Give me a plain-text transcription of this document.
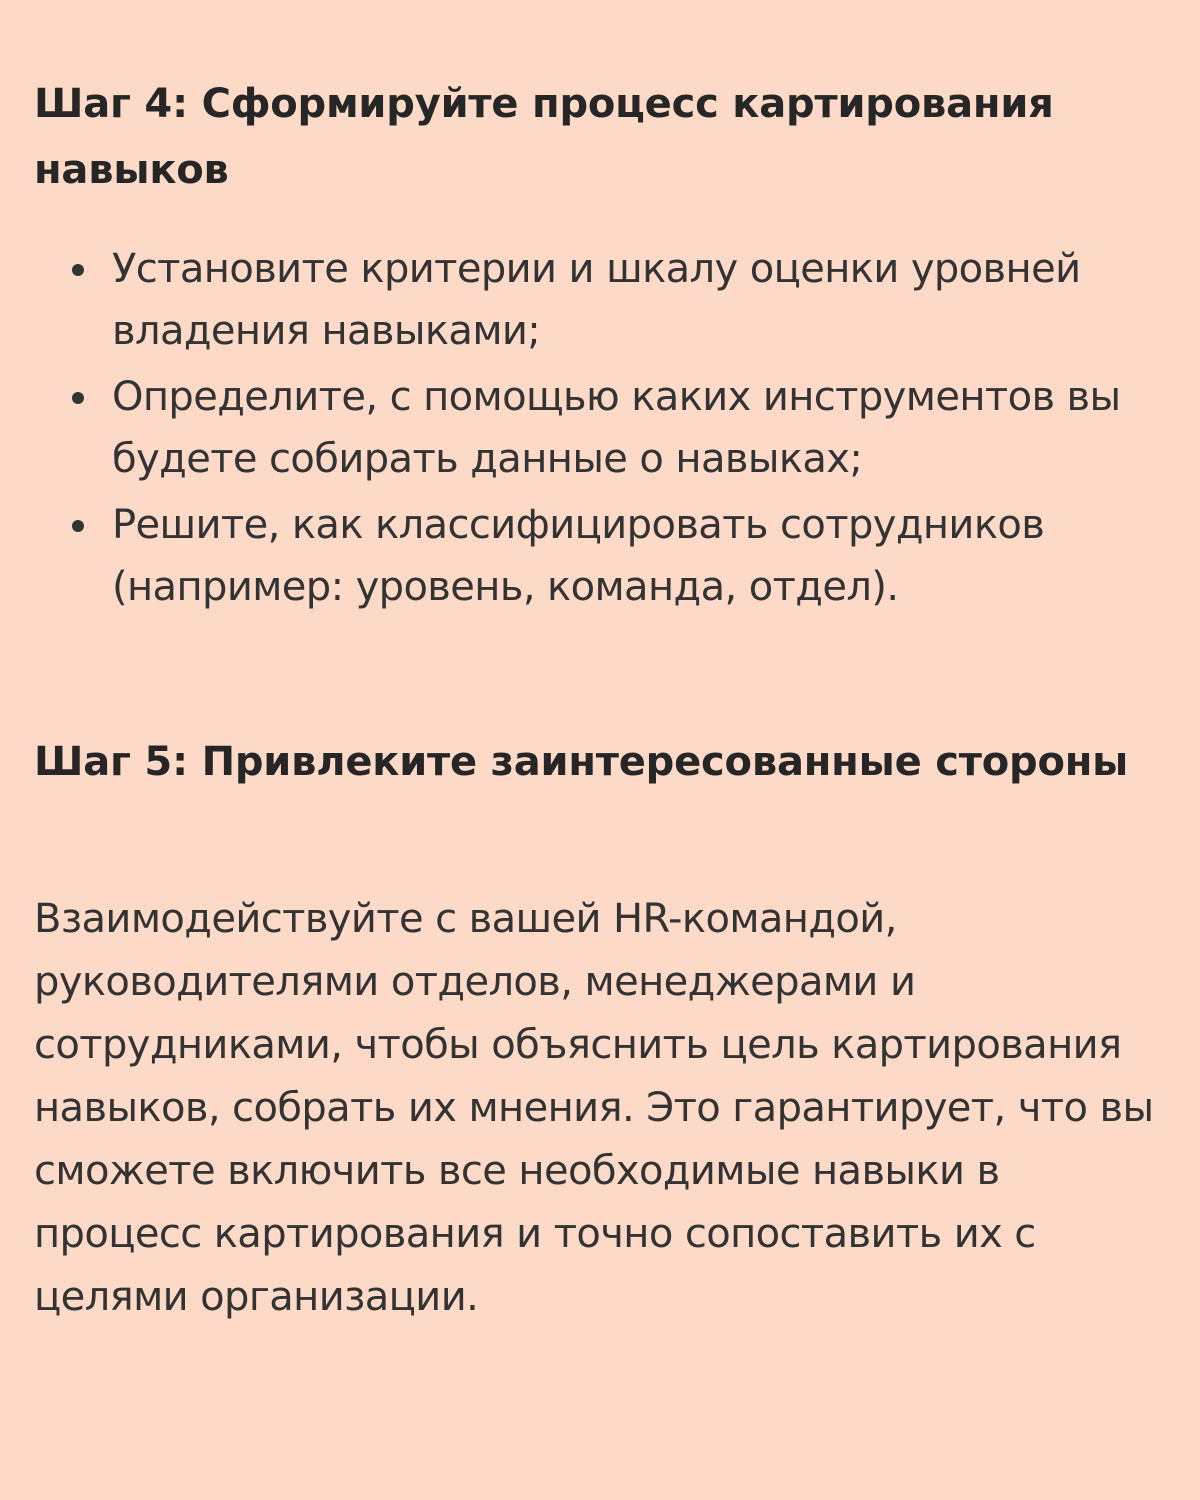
Шаг 4: Сформируйте процесс картирования навыков
Установите критерии и шкалу оценки уровней владения навыками;
Определите, с помощью каких инструментов вы будете собирать данные о навыках;
Решите, как классифицировать сотрудников (например: уровень, команда, отдел).
Шаг 5: Привлеките заинтересованные стороны

Взаимодействуйте с вашей HR-командой, руководителями отделов, менеджерами и сотрудниками, чтобы объяснить цель картирования навыков, собрать их мнения. Это гарантирует, что вы сможете включить все необходимые навыки в процесс картирования и точно сопоставить их с целями организации.
